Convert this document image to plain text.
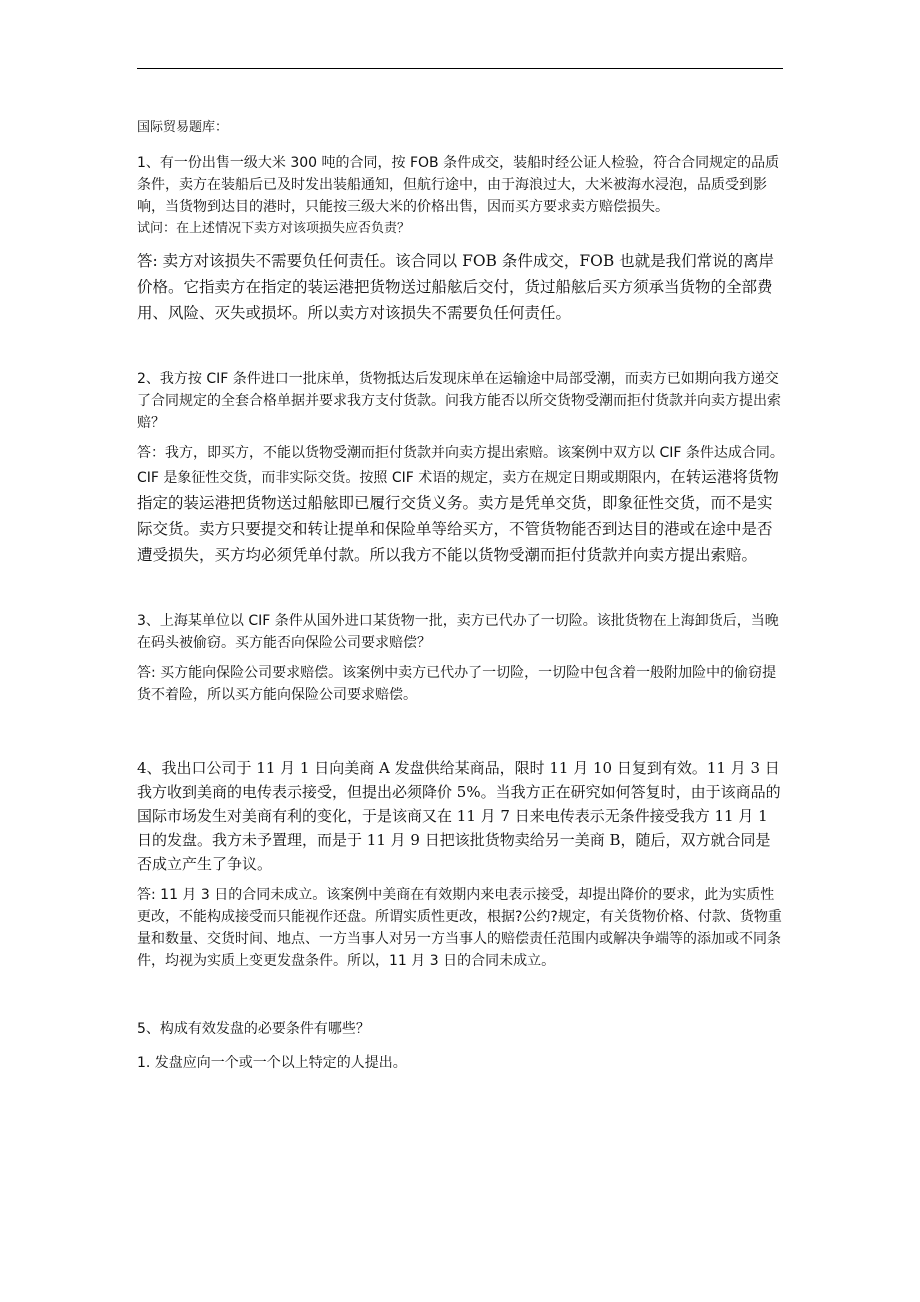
国际贸易题库：

1、有一份出售一级大米 300 吨的合同，按 FOB 条件成交，装船时经公证人检验，符合合同规定的品质条件，卖方在装船后已及时发出装船通知，但航行途中，由于海浪过大，大米被海水浸泡，品质受到影响，当货物到达目的港时，只能按三级大米的价格出售，因而买方要求卖方赔偿损失。

试问：在上述情况下卖方对该项损失应否负责？

答: 卖方对该损失不需要负任何责任。该合同以 FOB 条件成交，FOB 也就是我们常说的离岸价格。它指卖方在指定的装运港把货物送过船舷后交付，货过船舷后买方须承当货物的全部费用、风险、灭失或损坏。所以卖方对该损失不需要负任何责任。

2、我方按 CIF 条件进口一批床单，货物抵达后发现床单在运输途中局部受潮，而卖方已如期向我方递交了合同规定的全套合格单据并要求我方支付货款。问我方能否以所交货物受潮而拒付货款并向卖方提出索赔？

答：我方，即买方，不能以货物受潮而拒付货款并向卖方提出索赔。该案例中双方以 CIF 条件达成合同。CIF 是象征性交货，而非实际交货。按照 CIF 术语的规定，卖方在规定日期或期限内，在转运港将货物指定的装运港把货物送过船舷即已履行交货义务。卖方是凭单交货，即象征性交货，而不是实际交货。卖方只要提交和转让提单和保险单等给买方，不管货物能否到达目的港或在途中是否遭受损失，买方均必须凭单付款。所以我方不能以货物受潮而拒付货款并向卖方提出索赔。

3、上海某单位以 CIF 条件从国外进口某货物一批，卖方已代办了一切险。该批货物在上海卸货后，当晚在码头被偷窃。买方能否向保险公司要求赔偿？

答: 买方能向保险公司要求赔偿。该案例中卖方已代办了一切险，一切险中包含着一般附加险中的偷窃提货不着险，所以买方能向保险公司要求赔偿。

4、我出口公司于 11 月 1 日向美商 A 发盘供给某商品，限时 11 月 10 日复到有效。11 月 3 日我方收到美商的电传表示接受，但提出必须降价 5%。当我方正在研究如何答复时，由于该商品的国际市场发生对美商有利的变化，于是该商又在 11 月 7 日来电传表示无条件接受我方 11 月 1 日的发盘。我方未予置理，而是于 11 月 9 日把该批货物卖给另一美商 B，随后，双方就合同是否成立产生了争议。

答: 11 月 3 日的合同未成立。该案例中美商在有效期内来电表示接受，却提出降价的要求，此为实质性更改，不能构成接受而只能视作还盘。所谓实质性更改，根据?公约?规定，有关货物价格、付款、货物重量和数量、交货时间、地点、一方当事人对另一方当事人的赔偿责任范围内或解决争端等的添加或不同条件，均视为实质上变更发盘条件。所以，11 月 3 日的合同未成立。

5、构成有效发盘的必要条件有哪些？

1. 发盘应向一个或一个以上特定的人提出。
